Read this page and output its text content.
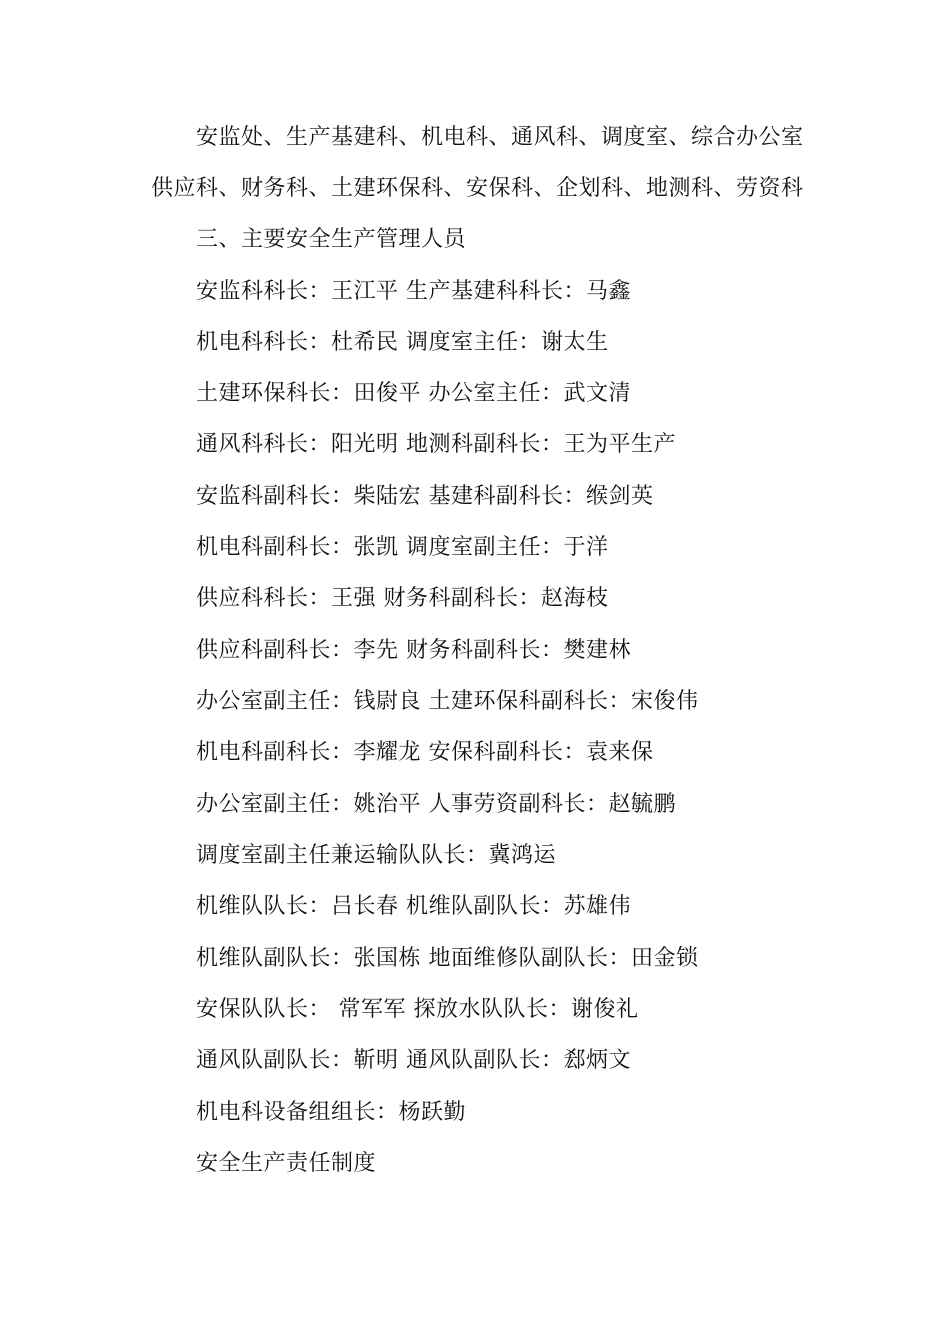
安监处、生产基建科、机电科、通风科、调度室、综合办公室
供应科、财务科、土建环保科、安保科、企划科、地测科、劳资科
三、主要安全生产管理人员
安监科科长：王江平 生产基建科科长：马鑫
机电科科长：杜希民 调度室主任：谢太生
土建环保科长：田俊平 办公室主任：武文清
通风科科长：阳光明 地测科副科长：王为平生产
安监科副科长：柴陆宏 基建科副科长：缑剑英
机电科副科长：张凯 调度室副主任：于洋
供应科科长：王强 财务科副科长：赵海枝
供应科副科长：李先 财务科副科长：樊建林
办公室副主任：钱尉良 土建环保科副科长：宋俊伟
机电科副科长：李耀龙 安保科副科长：袁来保
办公室副主任：姚治平 人事劳资副科长：赵毓鹏
调度室副主任兼运输队队长：冀鸿运
机维队队长：吕长春 机维队副队长：苏雄伟
机维队副队长：张国栋 地面维修队副队长：田金锁
安保队队长： 常军军 探放水队队长：谢俊礼
通风队副队长：靳明 通风队副队长：郄炳文
机电科设备组组长：杨跃勤
安全生产责任制度
